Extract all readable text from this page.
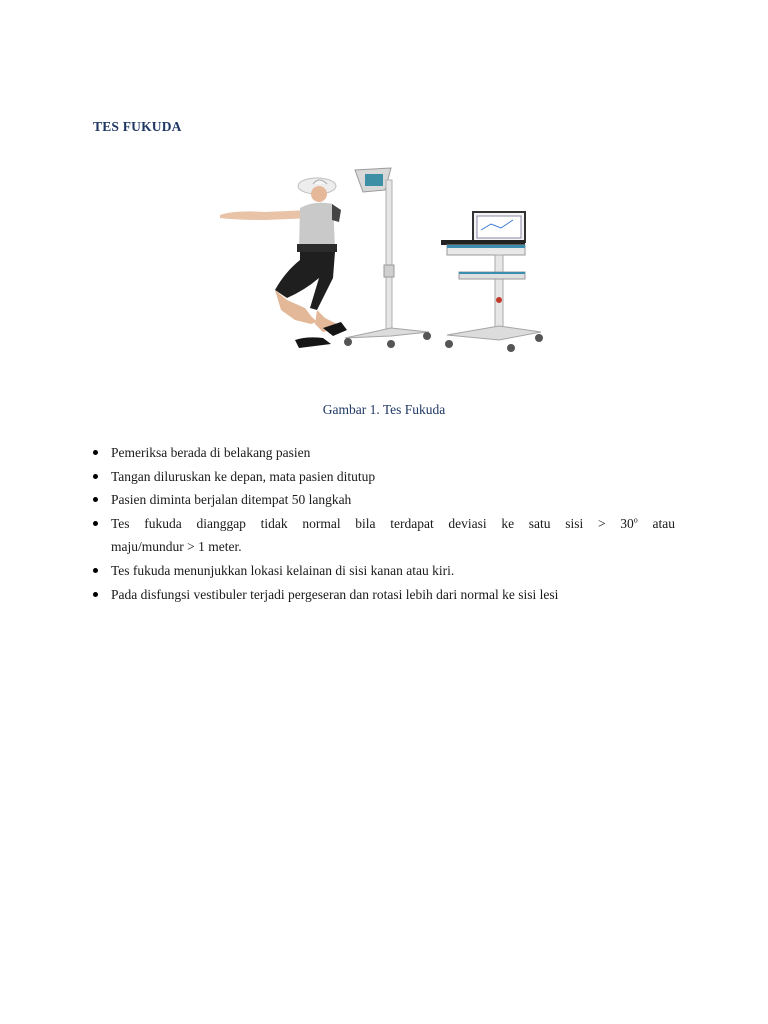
TES FUKUDA
Gambar 1. Tes Fukuda
Pemeriksa berada di belakang pasien
Tangan diluruskan ke depan, mata pasien ditutup
Pasien diminta berjalan ditempat 50 langkah
Tes fukuda dianggap tidak normal bila terdapat deviasi ke satu sisi > $30^o$ atau
maju/mundur > 1 meter.
Tes fukuda menunjukkan lokasi kelainan di sisi kanan atau kiri.
Pada disfungsi vestibuler terjadi pergeseran dan rotasi lebih dari normal ke sisi lesi
